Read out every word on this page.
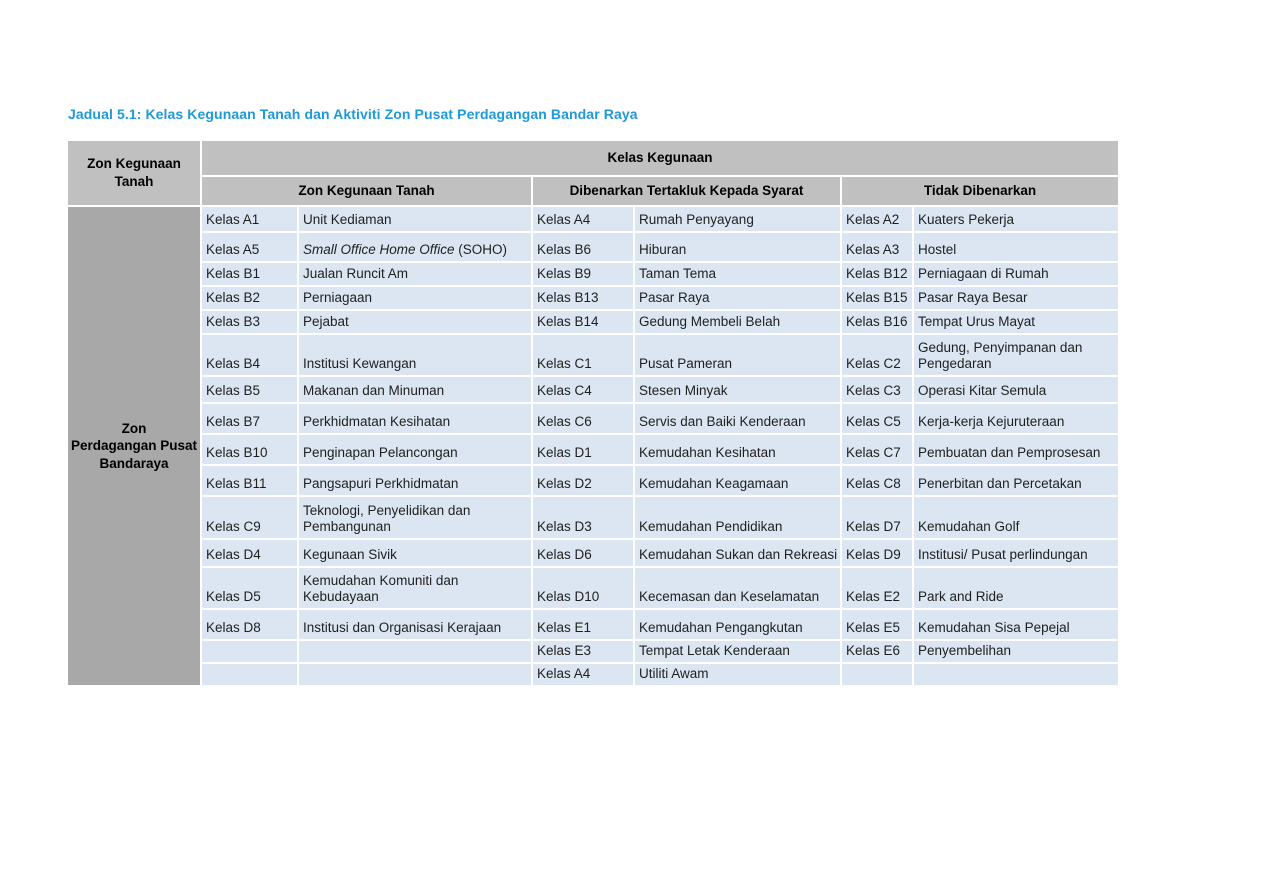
Jadual 5.1: Kelas Kegunaan Tanah dan Aktiviti Zon Pusat Perdagangan Bandar Raya

Zon Kegunaan Tanah	Kelas Kegunaan					
	Zon Kegunaan Tanah		Dibenarkan Tertakluk Kepada Syarat		Tidak Dibenarkan	

Zon
Perdagangan Pusat
Bandaraya	Kelas A1	Unit Kediaman	Kelas A4	Rumah Penyayang	Kelas A2	Kuaters Pekerja
	Kelas A5	Small Office Home Office (SOHO)	Kelas B6	Hiburan	Kelas A3	Hostel
	Kelas B1	Jualan Runcit Am	Kelas B9	Taman Tema	Kelas B12	Perniagaan di Rumah
	Kelas B2	Perniagaan	Kelas B13	Pasar Raya	Kelas B15	Pasar Raya Besar
	Kelas B3	Pejabat	Kelas B14	Gedung Membeli Belah	Kelas B16	Tempat Urus Mayat
	Kelas B4	Institusi Kewangan	Kelas C1	Pusat Pameran	Kelas C2	Gedung, Penyimpanan dan Pengedaran
	Kelas B5	Makanan dan Minuman	Kelas C4	Stesen Minyak	Kelas C3	Operasi Kitar Semula
	Kelas B7	Perkhidmatan Kesihatan	Kelas C6	Servis dan Baiki Kenderaan	Kelas C5	Kerja-kerja Kejuruteraan
	Kelas B10	Penginapan Pelancongan	Kelas D1	Kemudahan Kesihatan	Kelas C7	Pembuatan dan Pemprosesan
	Kelas B11	Pangsapuri Perkhidmatan	Kelas D2	Kemudahan Keagamaan	Kelas C8	Penerbitan dan Percetakan
	Kelas C9	Teknologi, Penyelidikan dan Pembangunan	Kelas D3	Kemudahan Pendidikan	Kelas D7	Kemudahan Golf
	Kelas D4	Kegunaan Sivik	Kelas D6	Kemudahan Sukan dan Rekreasi	Kelas D9	Institusi/ Pusat perlindungan
	Kelas D5	Kemudahan Komuniti dan Kebudayaan	Kelas D10	Kecemasan dan Keselamatan	Kelas E2	Park and Ride
	Kelas D8	Institusi dan Organisasi Kerajaan	Kelas E1	Kemudahan Pengangkutan	Kelas E5	Kemudahan Sisa Pepejal
			Kelas E3	Tempat Letak Kenderaan	Kelas E6	Penyembelihan
			Kelas A4	Utiliti Awam		
